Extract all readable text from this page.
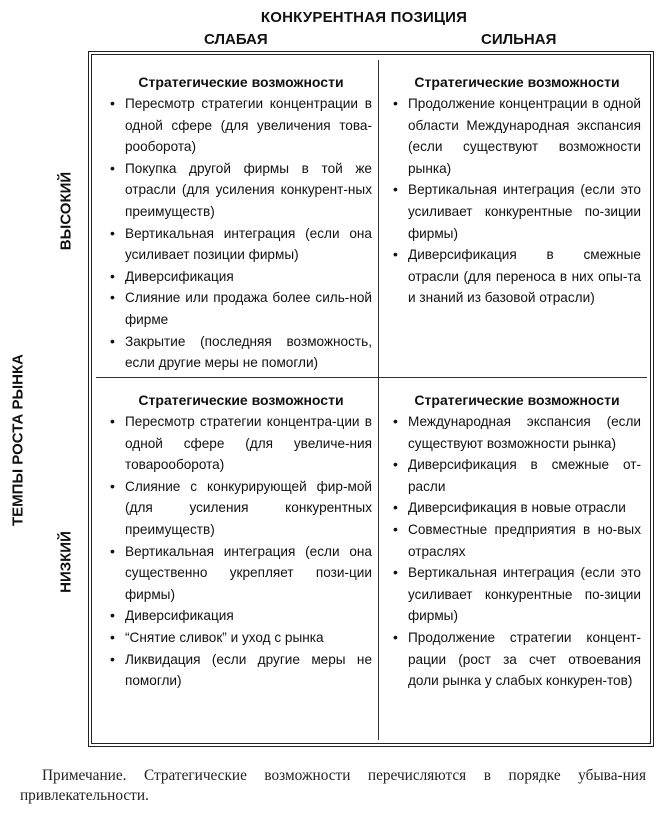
КОНКУРЕНТНАЯ ПОЗИЦИЯ
СЛАБАЯ	СИЛЬНАЯ
ТЕМПЫ РОСТА РЫНКА
ВЫСОКИЙ
НИЗКИЙ
Стратегические возможности
• Пересмотр стратегии концентрации в одной сфере (для увеличения това-рооборота)
• Покупка другой фирмы в той же отрасли (для усиления конкурент-ных преимуществ)
• Вертикальная интеграция (если она усиливает позиции фирмы)
• Диверсификация
• Слияние или продажа более силь-ной фирме
• Закрытие (последняя возможность, если другие меры не помогли)
Стратегические возможности
• Продолжение концентрации в одной области Международная экспансия (если существуют возможности рынка)
• Вертикальная интеграция (если это усиливает конкурентные по-зиции фирмы)
• Диверсификация в смежные отрасли (для переноса в них опы-та и знаний из базовой отрасли)
Стратегические возможности
• Пересмотр стратегии концентра-ции в одной сфере (для увеличе-ния товарооборота)
• Слияние с конкурирующей фир-мой (для усиления конкурентных преимуществ)
• Вертикальная интеграция (если она существенно укрепляет пози-ции фирмы)
• Диверсификация
• “Снятие сливок” и уход с рынка
• Ликвидация (если другие меры не помогли)
Стратегические возможности
• Международная экспансия (если существуют возможности рынка)
• Диверсификация в смежные от-расли
• Диверсификация в новые отрасли
• Совместные предприятия в но-вых отраслях
• Вертикальная интеграция (если это усиливает конкурентные по-зиции фирмы)
• Продолжение стратегии концент-рации (рост за счет отвоевания доли рынка у слабых конкурен-тов)
Примечание. Стратегические возможности перечисляются в порядке убыва-ния привлекательности.
